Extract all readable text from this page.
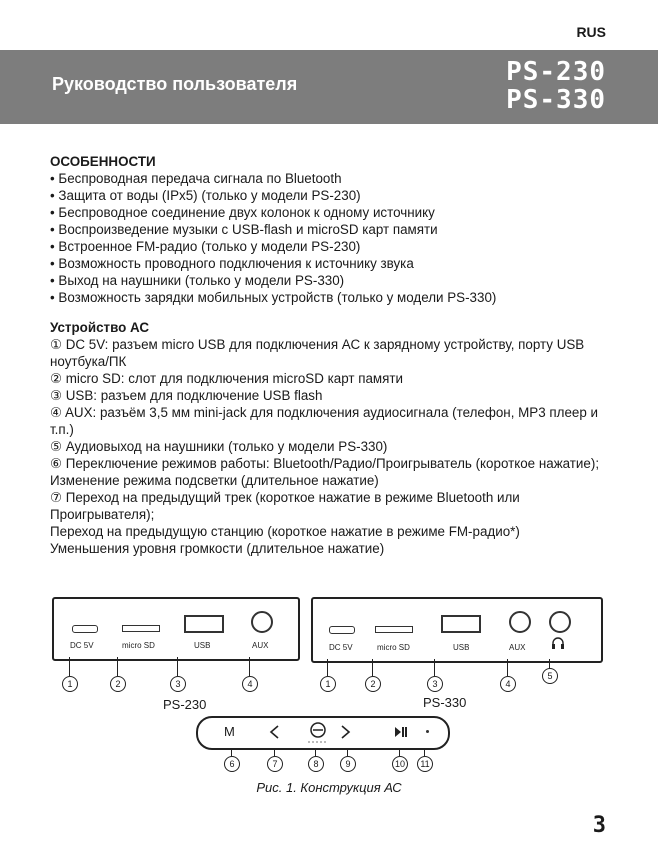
RUS
Руководство пользователя	PS-230
PS-330
ОСОБЕННОСТИ
• Беспроводная передача сигнала по Bluetooth
• Защита от воды (IPx5) (только у модели PS-230)
• Беспроводное соединение двух колонок к одному источнику
• Воспроизведение музыки с USB-flash и microSD карт памяти
• Встроенное FM-радио (только у модели PS-230)
• Возможность проводного подключения к источнику звука
• Выход на наушники (только у модели PS-330)
• Возможность зарядки мобильных устройств (только у модели PS-330)
Устройство АС

① DC 5V: разъем micro USB для подключения АС к зарядному устройству, порту USB ноутбука/ПК

② micro SD: слот для подключения microSD карт памяти

③ USB: разъем для подключение USB flash

④ AUX: разъём 3,5 мм mini-jack для подключения аудиосигнала (телефон, MP3 плеер и т.п.)

⑤ Аудиовыход на наушники (только у модели PS-330)

⑥ Переключение режимов работы: Bluetooth/Радио/Проигрыватель (короткое нажатие);

Изменение режима подсветки (длительное нажатие)

⑦ Переход на предыдущий трек (короткое нажатие в режиме Bluetooth или Проигрывателя);

Переход на предыдущую станцию (короткое нажатие в режиме FM-радио*)

Уменьшения уровня громкости (длительное нажатие)

DC 5V	micro SD	USB	AUX
1	2	3	4
PS-230
DC 5V	micro SD	USB	AUX
1	2	3	4
5
PS-330
M
6	7	8	9	10	11
Рис. 1. Конструкция АС
3
